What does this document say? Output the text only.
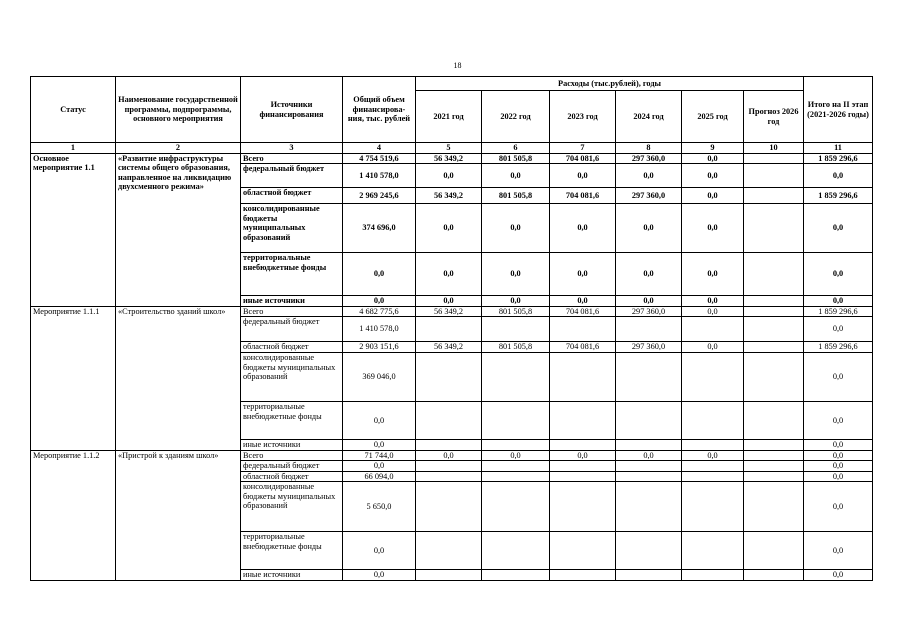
18
Статус	Наименование государственной программы, подпрограммы, основного мероприятия	Источники финансирования	Общий объем финансирова-ния, тыс. рублей	Расходы (тыс.рублей), годы						Итого на II этап (2021-2026 годы)
				2021 год	2022 год	2023 год	2024 год	2025 год	Прогноз 2026 год	
1	2	3	4	5	6	7	8	9	10	11
Основное мероприятие 1.1	«Развитие инфраструктуры системы общего образования, направленное на ликвидацию двухсменного режима»	Всего	4 754 519,6	56 349,2	801 505,8	704 081,6	297 360,0	0,0		1 859 296,6
		федеральный бюджет	1 410 578,0	0,0	0,0	0,0	0,0	0,0		0,0
		областной бюджет	2 969 245,6	56 349,2	801 505,8	704 081,6	297 360,0	0,0		1 859 296,6
		консолидированные бюджеты муниципальных образований	374 696,0	0,0	0,0	0,0	0,0	0,0		0,0
		территориальные внебюджетные фонды	0,0	0,0	0,0	0,0	0,0	0,0		0,0
		иные источники	0,0	0,0	0,0	0,0	0,0	0,0		0,0
Мероприятие 1.1.1	«Строительство зданий школ»	Всего	4 682 775,6	56 349,2	801 505,8	704 081,6	297 360,0	0,0		1 859 296,6
		федеральный бюджет	1 410 578,0							0,0
		областной бюджет	2 903 151,6	56 349,2	801 505,8	704 081,6	297 360,0	0,0		1 859 296,6
		консолидированные бюджеты муниципальных образований	369 046,0							0,0
		территориальные внебюджетные фонды	0,0							0,0
		иные источники	0,0							0,0
Мероприятие 1.1.2	«Пристрой к зданиям школ»	Всего	71 744,0	0,0	0,0	0,0	0,0	0,0		0,0
		федеральный бюджет	0,0							0,0
		областной бюджет	66 094,0							0,0
		консолидированные бюджеты муниципальных образований	5 650,0							0,0
		территориальные внебюджетные фонды	0,0							0,0
		иные источники	0,0							0,0
